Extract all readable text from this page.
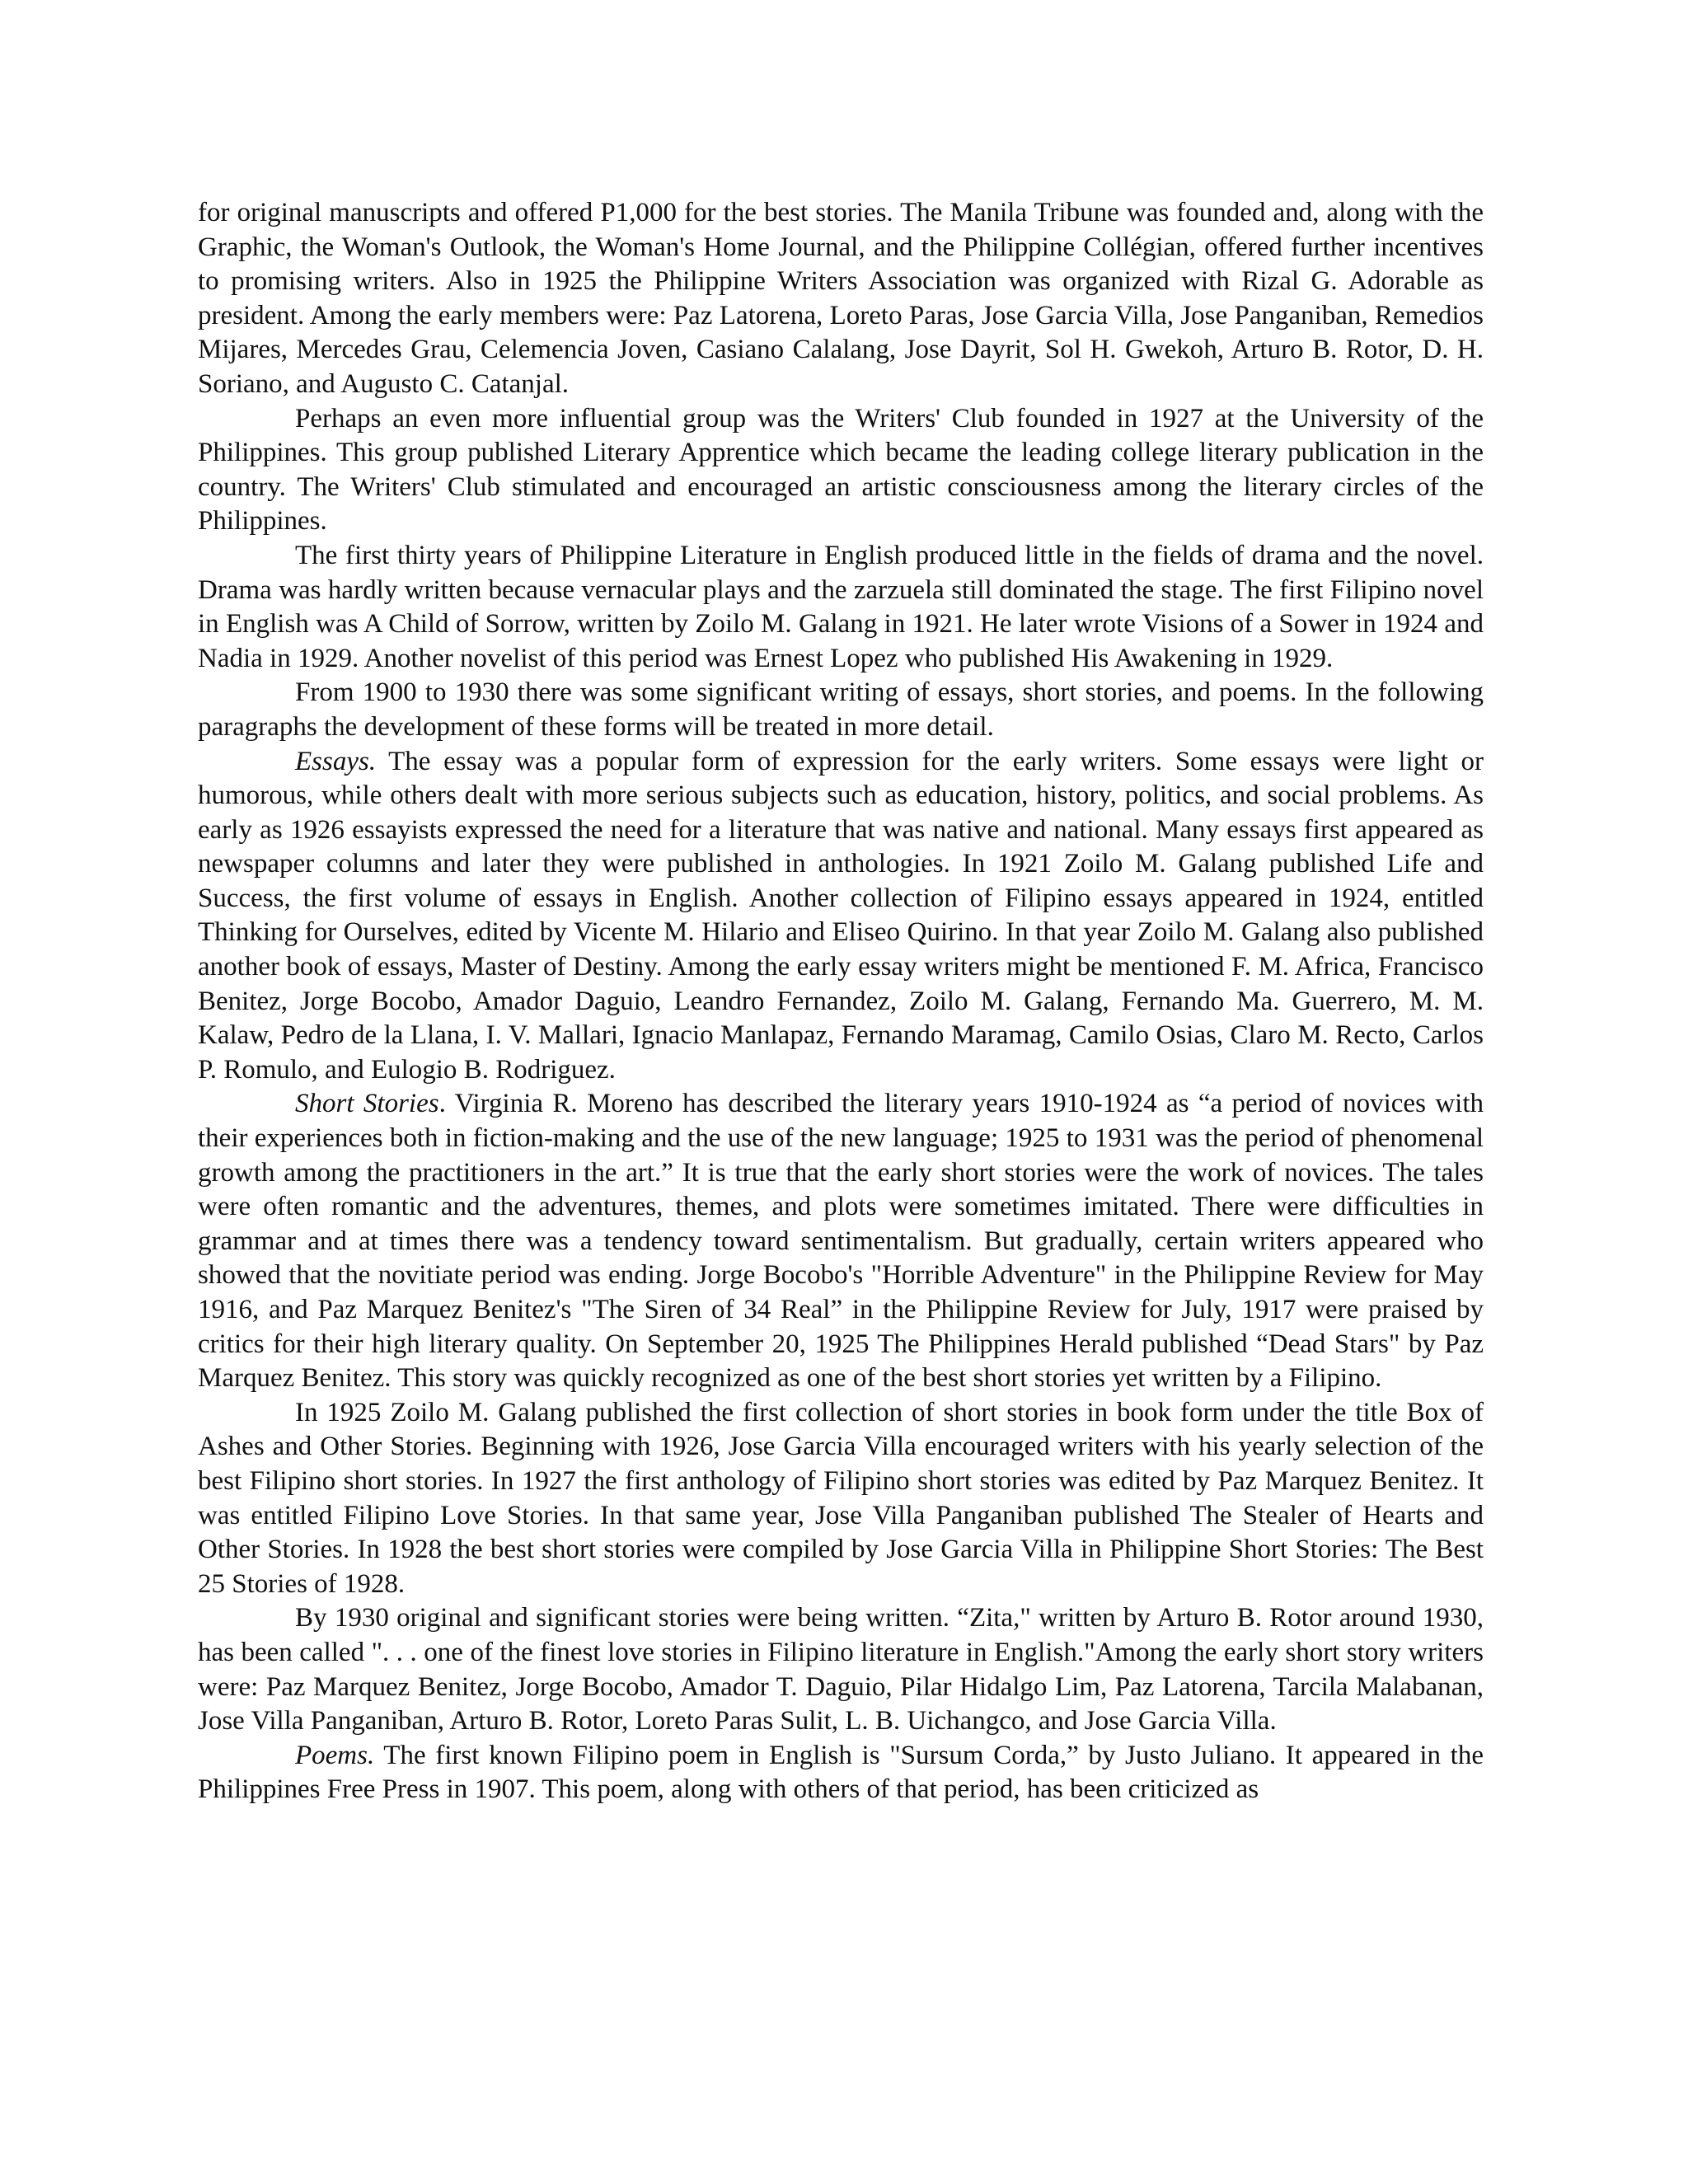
for original manuscripts and offered P1,000 for the best stories. The Manila Tribune was founded and, along with the Graphic, the Woman's Outlook, the Woman's Home Journal, and the Philippine Collégian, offered further incentives to promising writers. Also in 1925 the Philippine Writers Association was organized with Rizal G. Adorable as president. Among the early members were: Paz Latorena, Loreto Paras, Jose Garcia Villa, Jose Panganiban, Remedios Mijares, Mercedes Grau, Celemencia Joven, Casiano Calalang, Jose Dayrit, Sol H. Gwekoh, Arturo B. Rotor, D. H. Soriano, and Augusto C. Catanjal.

Perhaps an even more influential group was the Writers' Club founded in 1927 at the University of the Philippines. This group published Literary Apprentice which became the leading college literary publication in the country. The Writers' Club stimulated and encouraged an artistic consciousness among the literary circles of the Philippines.

The first thirty years of Philippine Literature in English produced little in the fields of drama and the novel. Drama was hardly written because vernacular plays and the zarzuela still dominated the stage. The first Filipino novel in English was A Child of Sorrow, written by Zoilo M. Galang in 1921. He later wrote Visions of a Sower in 1924 and Nadia in 1929. Another novelist of this period was Ernest Lopez who published His Awakening in 1929.

From 1900 to 1930 there was some significant writing of essays, short stories, and poems. In the following paragraphs the development of these forms will be treated in more detail.

Essays. The essay was a popular form of expression for the early writers. Some essays were light or humorous, while others dealt with more serious subjects such as education, history, politics, and social problems. As early as 1926 essayists expressed the need for a literature that was native and national. Many essays first appeared as newspaper columns and later they were published in anthologies. In 1921 Zoilo M. Galang published Life and Success, the first volume of essays in English. Another collection of Filipino essays appeared in 1924, entitled Thinking for Ourselves, edited by Vicente M. Hilario and Eliseo Quirino. In that year Zoilo M. Galang also published another book of essays, Master of Destiny. Among the early essay writers might be mentioned F. M. Africa, Francisco Benitez, Jorge Bocobo, Amador Daguio, Leandro Fernandez, Zoilo M. Galang, Fernando Ma. Guerrero, M. M. Kalaw, Pedro de la Llana, I. V. Mallari, Ignacio Manlapaz, Fernando Maramag, Camilo Osias, Claro M. Recto, Carlos P. Romulo, and Eulogio B. Rodriguez.

Short Stories. Virginia R. Moreno has described the literary years 1910-1924 as “a period of novices with their experiences both in fiction-making and the use of the new language; 1925 to 1931 was the period of phenomenal growth among the practitioners in the art.” It is true that the early short stories were the work of novices. The tales were often romantic and the adventures, themes, and plots were sometimes imitated. There were difficulties in grammar and at times there was a tendency toward sentimentalism. But gradually, certain writers appeared who showed that the novitiate period was ending. Jorge Bocobo's "Horrible Adventure" in the Philippine Review for May 1916, and Paz Marquez Benitez's "The Siren of 34 Real” in the Philippine Review for July, 1917 were praised by critics for their high literary quality. On September 20, 1925 The Philippines Herald published “Dead Stars" by Paz Marquez Benitez. This story was quickly recognized as one of the best short stories yet written by a Filipino.

In 1925 Zoilo M. Galang published the first collection of short stories in book form under the title Box of Ashes and Other Stories. Beginning with 1926, Jose Garcia Villa encouraged writers with his yearly selection of the best Filipino short stories. In 1927 the first anthology of Filipino short stories was edited by Paz Marquez Benitez. It was entitled Filipino Love Stories. In that same year, Jose Villa Panganiban published The Stealer of Hearts and Other Stories. In 1928 the best short stories were compiled by Jose Garcia Villa in Philippine Short Stories: The Best 25 Stories of 1928.

By 1930 original and significant stories were being written. “Zita," written by Arturo B. Rotor around 1930, has been called ". . . one of the finest love stories in Filipino literature in English."Among the early short story writers were: Paz Marquez Benitez, Jorge Bocobo, Amador T. Daguio, Pilar Hidalgo Lim, Paz Latorena, Tarcila Malabanan, Jose Villa Panganiban, Arturo B. Rotor, Loreto Paras Sulit, L. B. Uichangco, and Jose Garcia Villa.

Poems. The first known Filipino poem in English is "Sursum Corda,” by Justo Juliano. It appeared in the Philippines Free Press in 1907. This poem, along with others of that period, has been criticized as
